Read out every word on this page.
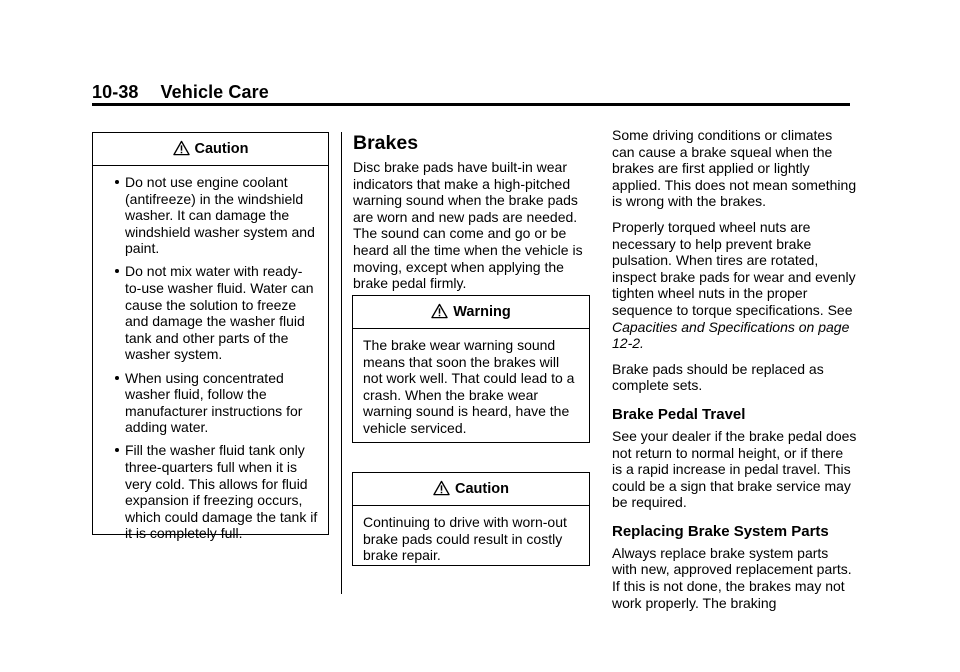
10-38 Vehicle Care
Caution
Do not use engine coolant (antifreeze) in the windshield washer. It can damage the windshield washer system and paint.
Do not mix water with ready-to-use washer fluid. Water can cause the solution to freeze and damage the washer fluid tank and other parts of the washer system.
When using concentrated washer fluid, follow the manufacturer instructions for adding water.
Fill the washer fluid tank only three-quarters full when it is very cold. This allows for fluid expansion if freezing occurs, which could damage the tank if it is completely full.
Brakes

Disc brake pads have built-in wear indicators that make a high-pitched warning sound when the brake pads are worn and new pads are needed. The sound can come and go or be heard all the time when the vehicle is moving, except when applying the brake pedal firmly.

Warning
The brake wear warning sound means that soon the brakes will not work well. That could lead to a crash. When the brake wear warning sound is heard, have the vehicle serviced.
Caution
Continuing to drive with worn-out brake pads could result in costly brake repair.

Some driving conditions or climates can cause a brake squeal when the brakes are first applied or lightly applied. This does not mean something is wrong with the brakes.

Properly torqued wheel nuts are necessary to help prevent brake pulsation. When tires are rotated, inspect brake pads for wear and evenly tighten wheel nuts in the proper sequence to torque specifications. See Capacities and Specifications on page 12-2.

Brake pads should be replaced as complete sets.

Brake Pedal Travel

See your dealer if the brake pedal does not return to normal height, or if there is a rapid increase in pedal travel. This could be a sign that brake service may be required.

Replacing Brake System Parts

Always replace brake system parts with new, approved replacement parts. If this is not done, the brakes may not work properly. The braking
